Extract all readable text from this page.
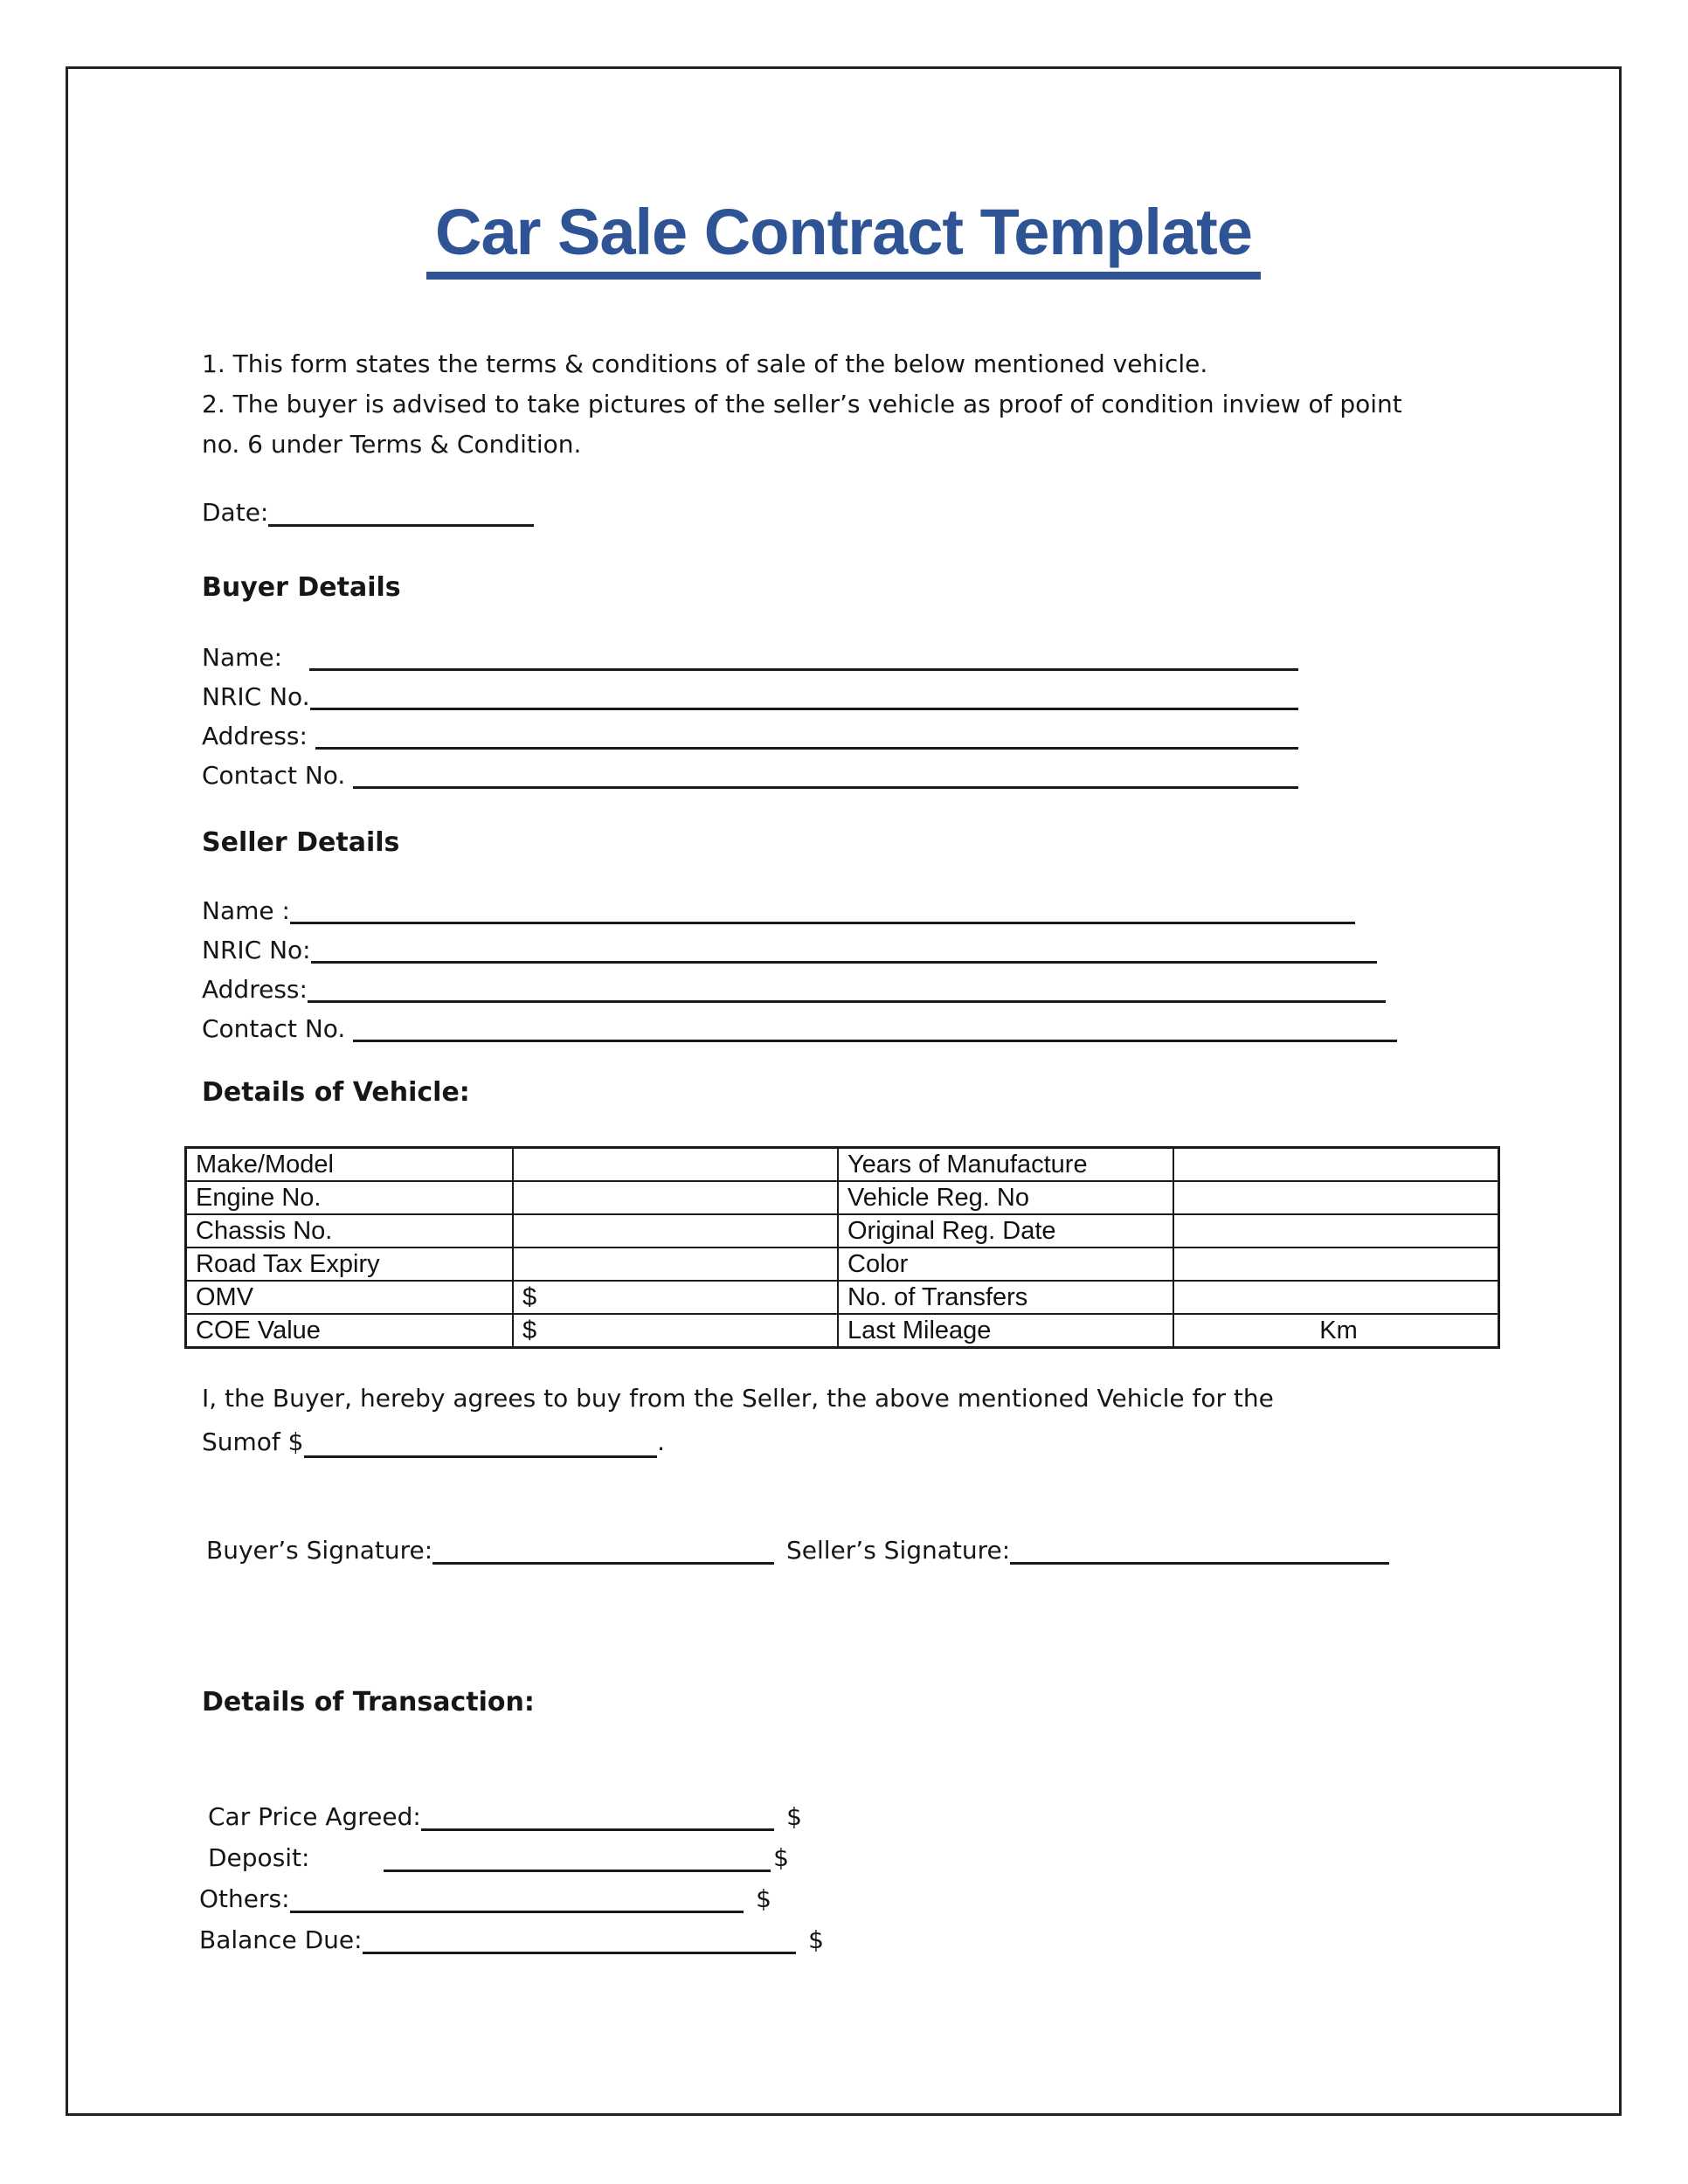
Car Sale Contract Template
1. This form states the terms & conditions of sale of the below mentioned vehicle.
2. The buyer is advised to take pictures of the seller’s vehicle as proof of condition inview of point
no. 6 under Terms & Condition.
Date:
Buyer Details
Name:
NRIC No.
Address:
Contact No.
Seller Details
Name :
NRIC No:
Address:
Contact No.
Details of Vehicle:
Make/Model		Years of Manufacture	
Engine No.		Vehicle Reg. No	
Chassis No.		Original Reg. Date	
Road Tax Expiry		Color	
OMV	$	No. of Transfers	
COE Value	$	Last Mileage	Km
I, the Buyer, hereby agrees to buy from the Seller, the above mentioned Vehicle for the
Sumof $	.
Buyer’s Signature:	Seller’s Signature:
Details of Transaction:
Car Price Agreed:	$
Deposit:	$
Others:	$
Balance Due:	$
